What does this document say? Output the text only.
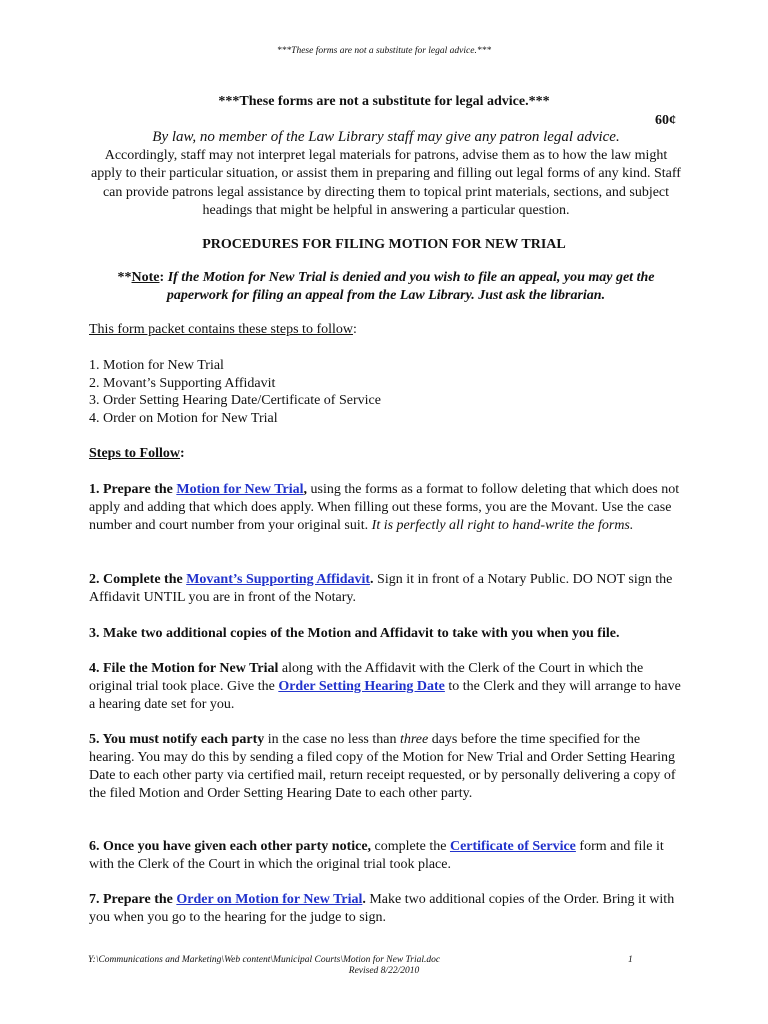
***These forms are not a substitute for legal advice.***
***These forms are not a substitute for legal advice.***
60¢
By law, no member of the Law Library staff may give any patron legal advice.
Accordingly, staff may not interpret legal materials for patrons, advise them as to how the law might apply to their particular situation, or assist them in preparing and filling out legal forms of any kind. Staff can provide patrons legal assistance by directing them to topical print materials, sections, and subject headings that might be helpful in answering a particular question.
PROCEDURES FOR FILING MOTION FOR NEW TRIAL
**Note: If the Motion for New Trial is denied and you wish to file an appeal, you may get the paperwork for filing an appeal from the Law Library. Just ask the librarian.
This form packet contains these steps to follow:
1. Motion for New Trial
2. Movant’s Supporting Affidavit
3. Order Setting Hearing Date/Certificate of Service
4. Order on Motion for New Trial
Steps to Follow:

1. Prepare the Motion for New Trial, using the forms as a format to follow deleting that which does not apply and adding that which does apply. When filling out these forms, you are the Movant. Use the case number and court number from your original suit. It is perfectly all right to hand-write the forms.

2. Complete the Movant’s Supporting Affidavit. Sign it in front of a Notary Public. DO NOT sign the Affidavit UNTIL you are in front of the Notary.

3. Make two additional copies of the Motion and Affidavit to take with you when you file.

4. File the Motion for New Trial along with the Affidavit with the Clerk of the Court in which the original trial took place. Give the Order Setting Hearing Date to the Clerk and they will arrange to have a hearing date set for you.

5. You must notify each party in the case no less than three days before the time specified for the hearing. You may do this by sending a filed copy of the Motion for New Trial and Order Setting Hearing Date to each other party via certified mail, return receipt requested, or by personally delivering a copy of the filed Motion and Order Setting Hearing Date to each other party.

6. Once you have given each other party notice, complete the Certificate of Service form and file it with the Clerk of the Court in which the original trial took place.

7. Prepare the Order on Motion for New Trial. Make two additional copies of the Order. Bring it with you when you go to the hearing for the judge to sign.

Y:\Communications and Marketing\Web content\Municipal Courts\Motion for New Trial.doc	1
Revised 8/22/2010
